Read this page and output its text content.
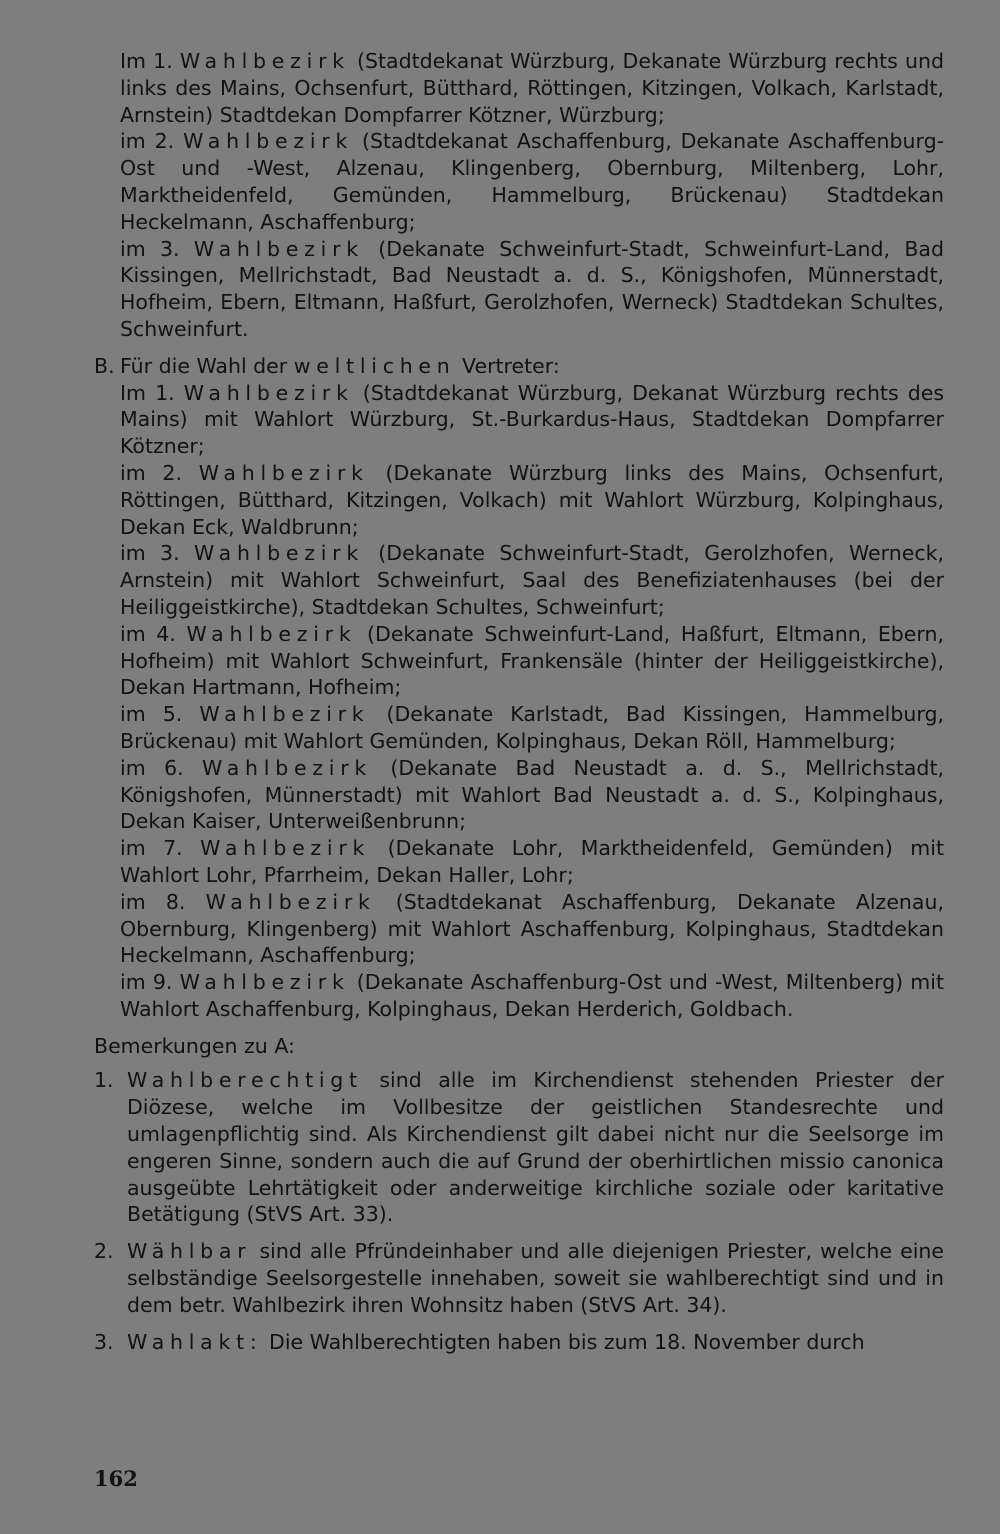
Im 1. Wahlbezirk (Stadtdekanat Würzburg, Dekanate Würzburg rechts und links des Mains, Ochsenfurt, Bütthard, Röttingen, Kitzingen, Volkach, Karlstadt, Arnstein) Stadtdekan Dompfarrer Kötzner, Würzburg;
im 2. Wahlbezirk (Stadtdekanat Aschaffenburg, Dekanate Aschaffenburg-Ost und -West, Alzenau, Klingenberg, Obernburg, Miltenberg, Lohr, Marktheidenfeld, Gemünden, Hammelburg, Brückenau) Stadtdekan Heckelmann, Aschaffenburg;
im 3. Wahlbezirk (Dekanate Schweinfurt-Stadt, Schweinfurt-Land, Bad Kissingen, Mellrichstadt, Bad Neustadt a. d. S., Königshofen, Münnerstadt, Hofheim, Ebern, Eltmann, Haßfurt, Gerolzhofen, Werneck) Stadtdekan Schultes, Schweinfurt.
B. Für die Wahl der weltlichen Vertreter:
Im 1. Wahlbezirk (Stadtdekanat Würzburg, Dekanat Würzburg rechts des Mains) mit Wahlort Würzburg, St.-Burkardus-Haus, Stadtdekan Dompfarrer Kötzner;
im 2. Wahlbezirk (Dekanate Würzburg links des Mains, Ochsenfurt, Röttingen, Bütthard, Kitzingen, Volkach) mit Wahlort Würzburg, Kolpinghaus, Dekan Eck, Waldbrunn;
im 3. Wahlbezirk (Dekanate Schweinfurt-Stadt, Gerolzhofen, Werneck, Arnstein) mit Wahlort Schweinfurt, Saal des Benefiziatenhauses (bei der Heiliggeistkirche), Stadtdekan Schultes, Schweinfurt;
im 4. Wahlbezirk (Dekanate Schweinfurt-Land, Haßfurt, Eltmann, Ebern, Hofheim) mit Wahlort Schweinfurt, Frankensäle (hinter der Heiliggeistkirche), Dekan Hartmann, Hofheim;
im 5. Wahlbezirk (Dekanate Karlstadt, Bad Kissingen, Hammelburg, Brückenau) mit Wahlort Gemünden, Kolpinghaus, Dekan Röll, Hammelburg;
im 6. Wahlbezirk (Dekanate Bad Neustadt a. d. S., Mellrichstadt, Königshofen, Münnerstadt) mit Wahlort Bad Neustadt a. d. S., Kolpinghaus, Dekan Kaiser, Unterweißenbrunn;
im 7. Wahlbezirk (Dekanate Lohr, Marktheidenfeld, Gemünden) mit Wahlort Lohr, Pfarrheim, Dekan Haller, Lohr;
im 8. Wahlbezirk (Stadtdekanat Aschaffenburg, Dekanate Alzenau, Obernburg, Klingenberg) mit Wahlort Aschaffenburg, Kolpinghaus, Stadtdekan Heckelmann, Aschaffenburg;
im 9. Wahlbezirk (Dekanate Aschaffenburg-Ost und -West, Miltenberg) mit Wahlort Aschaffenburg, Kolpinghaus, Dekan Herderich, Goldbach.
Bemerkungen zu A:
1. Wahlberechtigt sind alle im Kirchendienst stehenden Priester der Diözese, welche im Vollbesitze der geistlichen Standesrechte und umlagenpflichtig sind. Als Kirchendienst gilt dabei nicht nur die Seelsorge im engeren Sinne, sondern auch die auf Grund der oberhirtlichen missio canonica ausgeübte Lehrtätigkeit oder anderweitige kirchliche soziale oder karitative Betätigung (StVS Art. 33).
2. Wählbar sind alle Pfründeinhaber und alle diejenigen Priester, welche eine selbständige Seelsorgestelle innehaben, soweit sie wahlberechtigt sind und in dem betr. Wahlbezirk ihren Wohnsitz haben (StVS Art. 34).
3. Wahlakt: Die Wahlberechtigten haben bis zum 18. November durch
162
